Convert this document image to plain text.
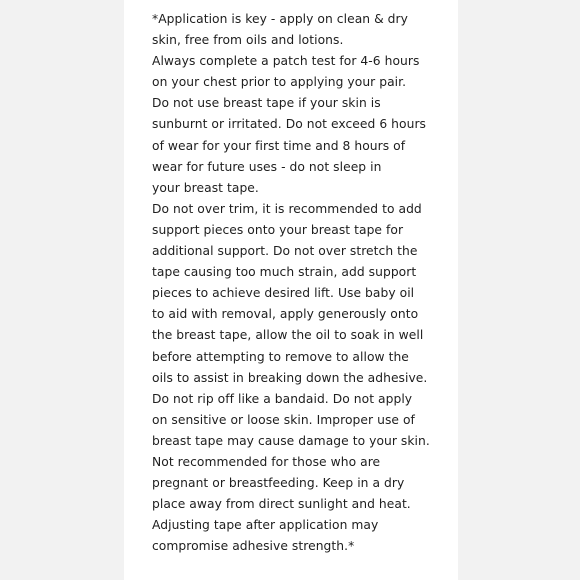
*Application is key - apply on clean & dry
skin, free from oils and lotions.
Always complete a patch test for 4-6 hours
on your chest prior to applying your pair.
Do not use breast tape if your skin is
sunburnt or irritated. Do not exceed 6 hours
of wear for your first time and 8 hours of
wear for future uses - do not sleep in
your breast tape.
Do not over trim, it is recommended to add
support pieces onto your breast tape for
additional support. Do not over stretch the
tape causing too much strain, add support
pieces to achieve desired lift. Use baby oil
to aid with removal, apply generously onto
the breast tape, allow the oil to soak in well
before attempting to remove to allow the
oils to assist in breaking down the adhesive.
Do not rip off like a bandaid. Do not apply
on sensitive or loose skin. Improper use of
breast tape may cause damage to your skin.
Not recommended for those who are
pregnant or breastfeeding. Keep in a dry
place away from direct sunlight and heat.
Adjusting tape after application may
compromise adhesive strength.*
